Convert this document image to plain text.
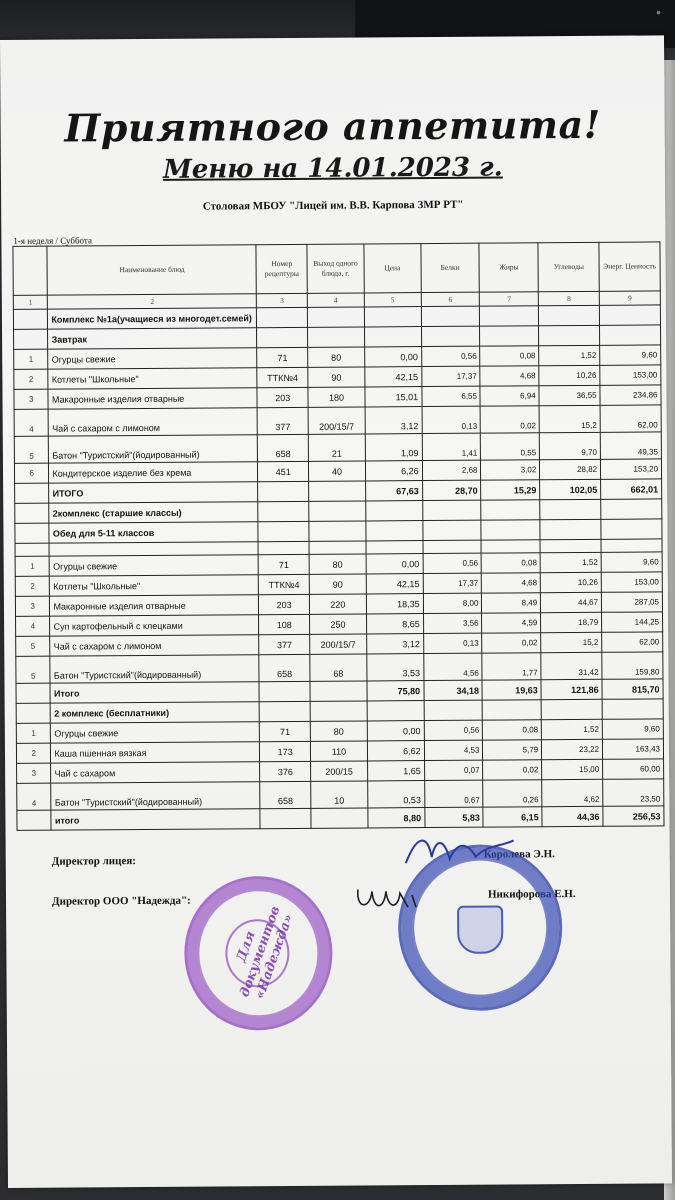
•
Приятного аппетита!
Меню на 14.01.2023 г.
Столовая МБОУ "Лицей им. В.В. Карпова ЗМР РТ"
1-я неделя / Суббота
	Наименование блюд	Номер рецептуры	Выход одного блюда, г.	Цена	Белки	Жиры	Углеводы	Энерг. Ценность
1	2	3	4	5	6	7	8	9
	Комплекс №1а(учащиеся из многодет.семей)							
	Завтрак							
1	Огурцы свежие	71	80	0,00	0,56	0,08	1,52	9,60
2	Котлеты "Школьные"	ТТК№4	90	42,15	17,37	4,68	10,26	153,00
3	Макаронные изделия отварные	203	180	15,01	6,55	6,94	36,55	234,86
4	Чай с сахаром с лимоном	377	200/15/7	3,12	0,13	0,02	15,2	62,00
5	Батон "Туристский"(йодированный)	658	21	1,09	1,41	0,55	9,70	49,35
6	Кондитерское изделие без крема	451	40	6,26	2,68	3,02	28,82	153,20
	ИТОГО			67,63	28,70	15,29	102,05	662,01
	2комплекс (старшие классы)							
	Обед для 5-11 классов							

1	Огурцы свежие	71	80	0,00	0,56	0,08	1,52	9,60
2	Котлеты "Школьные"	ТТК№4	90	42,15	17,37	4,68	10,26	153,00
3	Макаронные изделия отварные	203	220	18,35	8,00	8,49	44,67	287,05
4	Суп картофельный с клецками	108	250	8,65	3,56	4,59	18,79	144,25
5	Чай с сахаром с лимоном	377	200/15/7	3,12	0,13	0,02	15,2	62,00
5	Батон "Туристский"(йодированный)	658	68	3,53	4,56	1,77	31,42	159,80
	Итого			75,80	34,18	19,63	121,86	815,70
	2 комплекс (бесплатники)							
1	Огурцы свежие	71	80	0,00	0,56	0,08	1,52	9,60
2	Каша пшенная вязкая	173	110	6,62	4,53	5,79	23,22	163,43
3	Чай с сахаром	376	200/15	1,65	0,07	0,02	15,00	60,00
4	Батон "Туристский"(йодированный)	658	10	0,53	0,67	0,26	4,62	23,50
	итого			8,80	5,83	6,15	44,36	256,53
Директор лицея:
Королева Э.Н.
Директор ООО "Надежда":
Никифорова Е.Н.
Для документов «Надежда»
